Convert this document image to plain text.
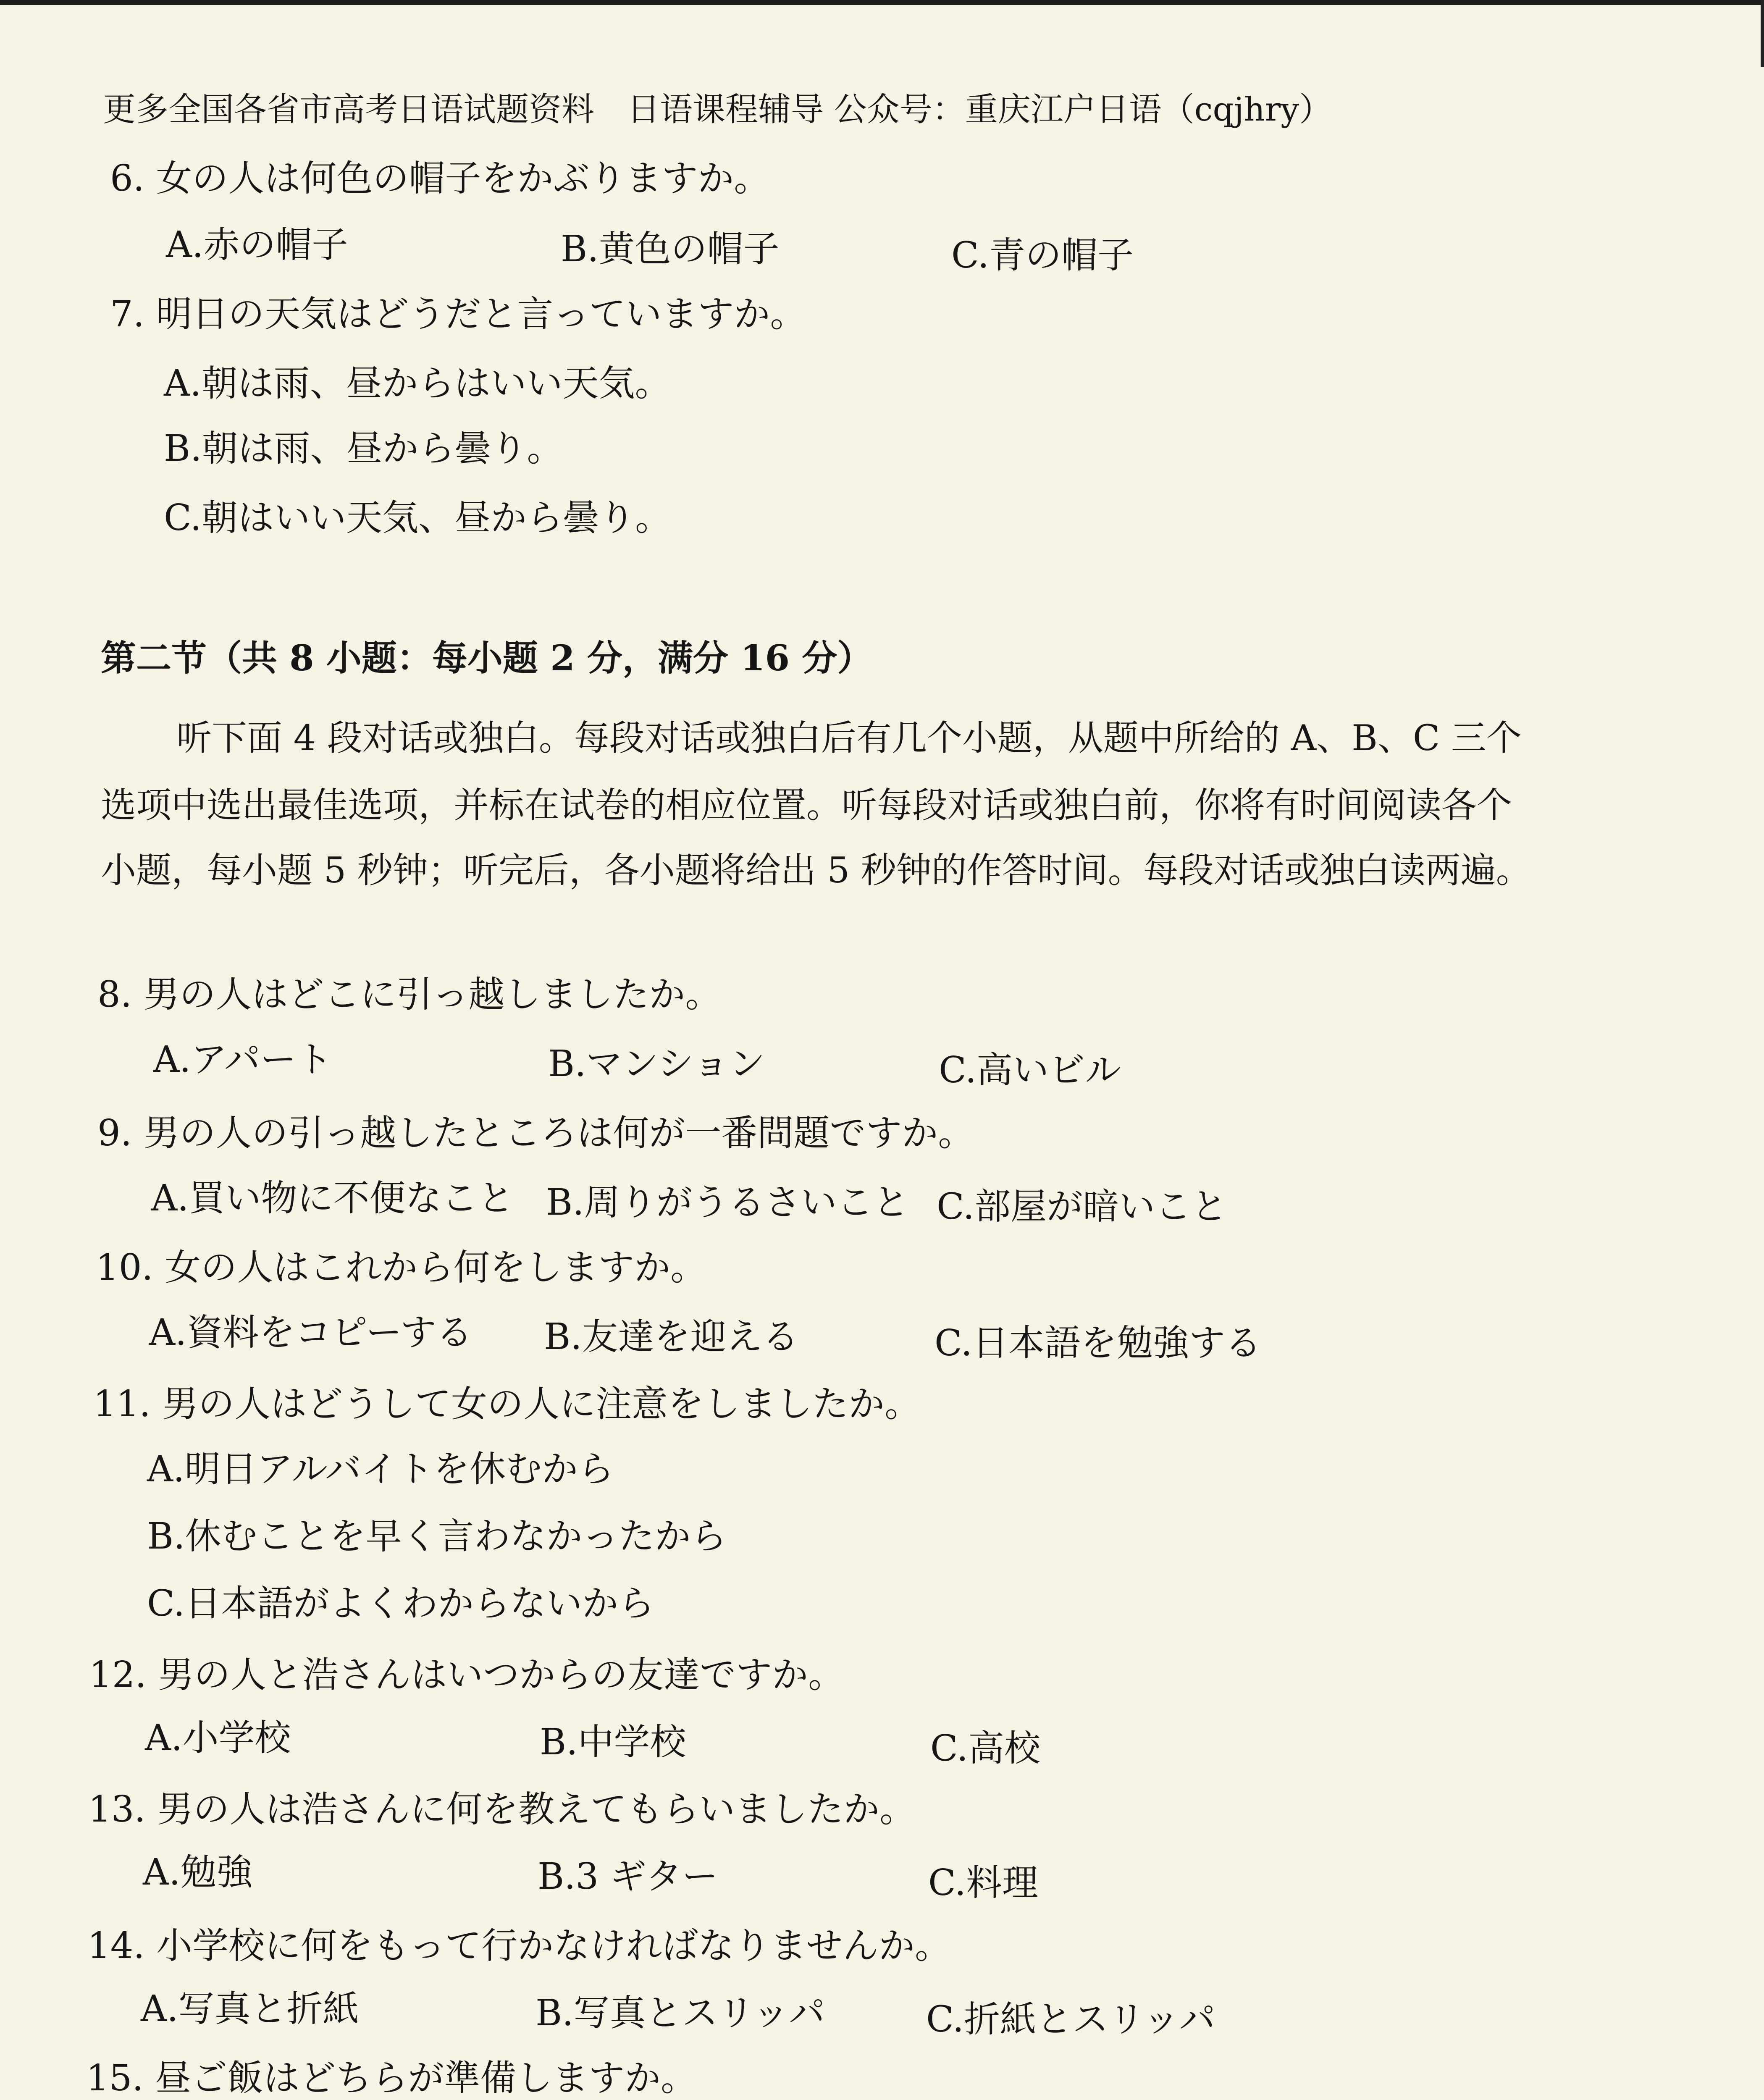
更多全国各省市高考日语试题资料　日语课程辅导 公众号：重庆江户日语（cqjhry）
6. 女の人は何色の帽子をかぶりますか。
A.赤の帽子	B.黄色の帽子	C.青の帽子
7. 明日の天気はどうだと言っていますか。
A.朝は雨、昼からはいい天気。
B.朝は雨、昼から曇り。
C.朝はいい天気、昼から曇り。
第二节（共 8 小题：每小题 2 分，满分 16 分）
听下面 4 段对话或独白。每段对话或独白后有几个小题，从题中所给的 A、B、C 三个
选项中选出最佳选项，并标在试卷的相应位置。听每段对话或独白前，你将有时间阅读各个
小题，每小题 5 秒钟；听完后，各小题将给出 5 秒钟的作答时间。每段对话或独白读两遍。
8. 男の人はどこに引っ越しましたか。
A.アパート	B.マンション	C.高いビル
9. 男の人の引っ越したところは何が一番問題ですか。
A.買い物に不便なこと B.周りがうるさいこと C.部屋が暗いこと
10. 女の人はこれから何をしますか。
A.資料をコピーする B.友達を迎える	C.日本語を勉強する
11. 男の人はどうして女の人に注意をしましたか。
A.明日アルバイトを休むから
B.休むことを早く言わなかったから
C.日本語がよくわからないから
12. 男の人と浩さんはいつからの友達ですか。
A.小学校	B.中学校	C.高校
13. 男の人は浩さんに何を教えてもらいましたか。
A.勉強	B.3 ギター	C.料理
14. 小学校に何をもって行かなければなりませんか。
A.写真と折紙	B.写真とスリッパ	C.折紙とスリッパ
15. 昼ご飯はどちらが準備しますか。
